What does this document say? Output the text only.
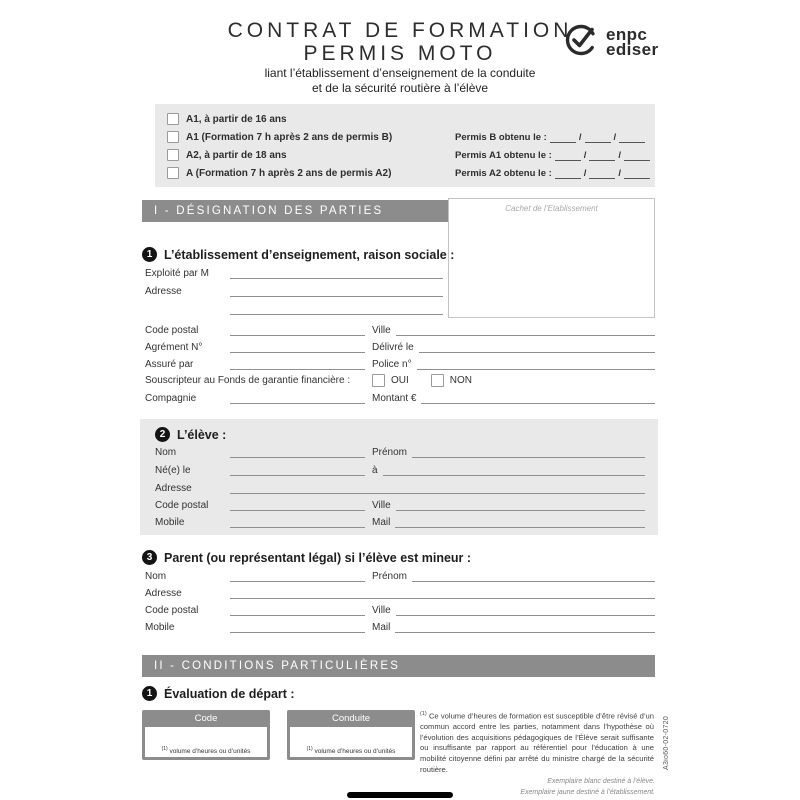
CONTRAT DE FORMATION
PERMIS MOTO
liant l’établissement d’enseignement de la conduite
et de la sécurité routière à l’élève
enpc
ediser
A1, à partir de 16 ans
A1 (Formation 7 h après 2 ans de permis B)
A2, à partir de 18 ans
A (Formation 7 h après 2 ans de permis A2)
Permis B obtenu le :	/	/
Permis A1 obtenu le :	/	/
Permis A2 obtenu le :	/	/
I - DÉSIGNATION DES PARTIES	Cachet de l’Etablissement
1 L’établissement d’enseignement, raison sociale :
Exploité par M
Adresse
Code postal	Ville
Agrément N°	Délivré le
Assuré par	Police n°
Souscripteur au Fonds de garantie financière :	OUI	NON
Compagnie	Montant €
2 L’élève :
Nom	Prénom
Né(e) le	à
Adresse
Code postal	Ville
Mobile	Mail
3 Parent (ou représentant légal) si l’élève est mineur :
Nom	Prénom
Adresse
Code postal	Ville
Mobile	Mail
II - CONDITIONS PARTICULIÈRES
1 Évaluation de départ :
Code
$^{(1)}$ volume d’heures ou d’unités
Conduite
$^{(1)}$ volume d’heures ou d’unités
$^{(1)}$ Ce volume d’heures de formation est susceptible d’être révisé d’un commun accord entre les parties, notamment dans l’hypothèse où l’évolution des acquisitions pédagogiques de l’Élève serait suffisante ou insuffisante par rapport au référentiel pour l’éducation à une mobilité citoyenne défini par arrêté du ministre chargé de la sécurité routière.	A3io60-02-0720
Exemplaire blanc destiné à l’élève.
Exemplaire jaune destiné à l’établissement.
